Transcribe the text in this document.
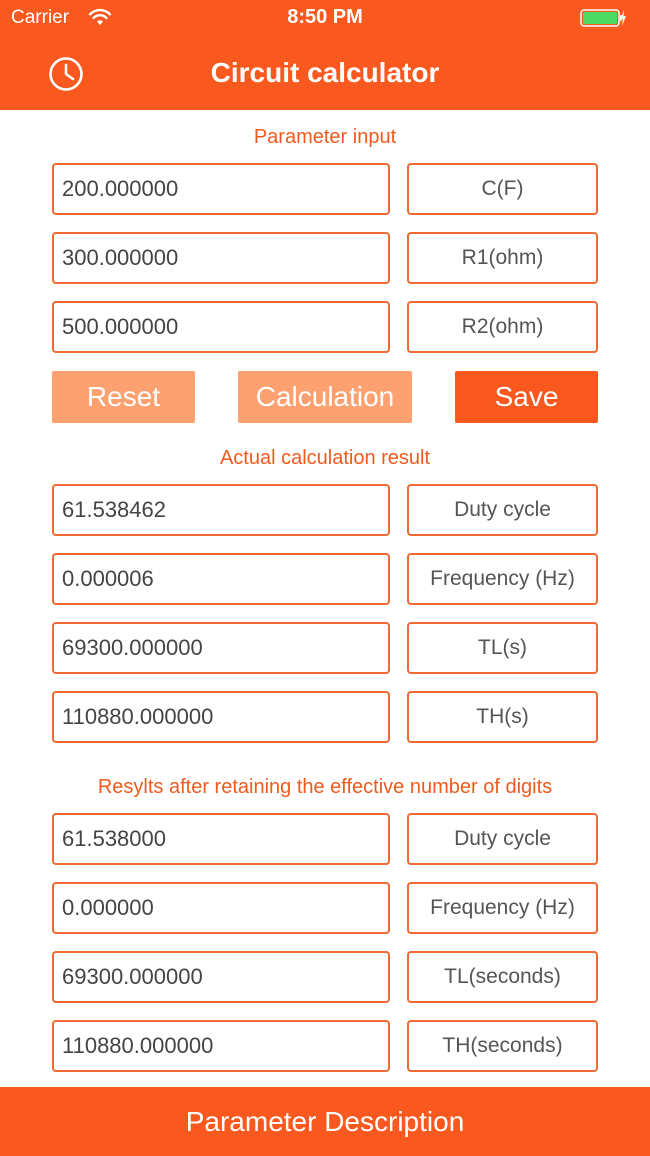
Carrier	8:50 PM
Circuit calculator
Parameter input
200.000000	C(F)
300.000000	R1(ohm)
500.000000	R2(ohm)
Reset	Calculation	Save
Actual calculation result
61.538462	Duty cycle
0.000006	Frequency (Hz)
69300.000000	TL(s)
110880.000000	TH(s)
Resylts after retaining the effective number of digits
61.538000	Duty cycle
0.000000	Frequency (Hz)
69300.000000	TL(seconds)
110880.000000	TH(seconds)
Parameter Description
